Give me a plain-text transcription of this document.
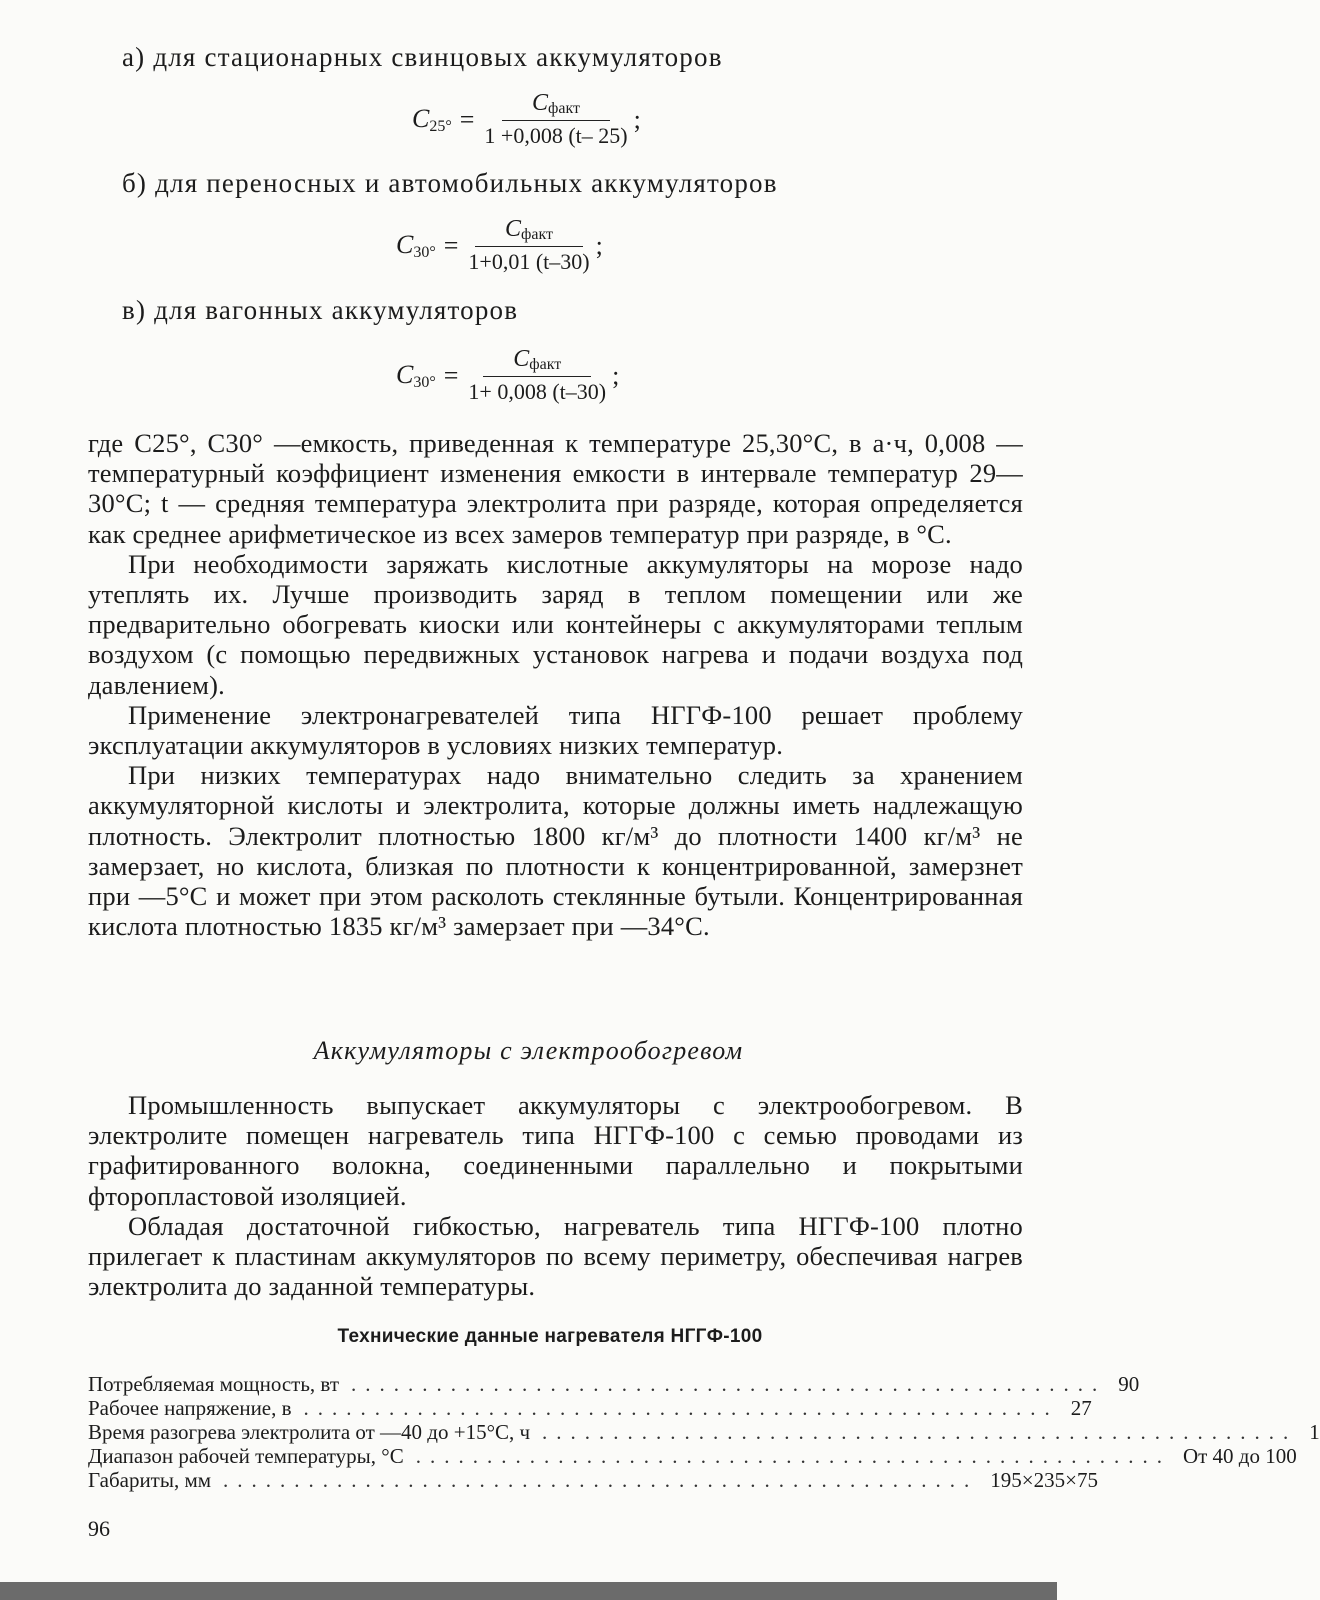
а) для стационарных свинцовых аккумуляторов
$C_{25^\circ} = \frac{C_{факт}}{1 +0,008 (t- 25)}$ ;
б) для переносных и автомобильных аккумуляторов
$C_{30^\circ} = \frac{C_{факт}}{1+0,01 (t-30)}$ ;
в) для вагонных аккумуляторов
$C_{30^\circ} = \frac{C_{факт}}{1+ 0,008 (t-30)}$ ;

где C25°, C30° —емкость, приведенная к температуре 25,30°C, в а·ч, 0,008 — температурный коэффициент изменения емкости в интервале температур 29—30°C; t — средняя температура электролита при разряде, которая определяется как среднее арифметическое из всех замеров температур при разряде, в °C.

При необходимости заряжать кислотные аккумуляторы на морозе надо утеплять их. Лучше производить заряд в теплом помещении или же предварительно обогревать киоски или контейнеры с аккумуляторами теплым воздухом (с помощью передвижных установок нагрева и подачи воздуха под давлением).

Применение электронагревателей типа НГГФ-100 решает проблему эксплуатации аккумуляторов в условиях низких температур.

При низких температурах надо внимательно следить за хранением аккумуляторной кислоты и электролита, которые должны иметь надлежащую плотность. Электролит плотностью 1800 кг/м³ до плотности 1400 кг/м³ не замерзает, но кислота, близкая по плотности к концентрированной, замерзнет при —5°C и может при этом расколоть стеклянные бутыли. Концентрированная кислота плотностью 1835 кг/м³ замерзает при —34°C.

Аккумуляторы с электрообогревом

Промышленность выпускает аккумуляторы с электрообогревом. В электролите помещен нагреватель типа НГГФ-100 с семью проводами из графитированного волокна, соединенными параллельно и покрытыми фторопластовой изоляцией.

Обладая достаточной гибкостью, нагреватель типа НГГФ-100 плотно прилегает к пластинам аккумуляторов по всему периметру, обеспечивая нагрев электролита до заданной температуры.

Технические данные нагревателя НГГФ-100
Потребляемая мощность, вт ..................................................... 90
Рабочее напряжение, в ..................................................... 27
Время разогрева электролита от —40 до +15°C, ч ..................................................... 1
Диапазон рабочей температуры, °C ..................................................... От 40 до 100
Габариты, мм ..................................................... 195×235×75
96
